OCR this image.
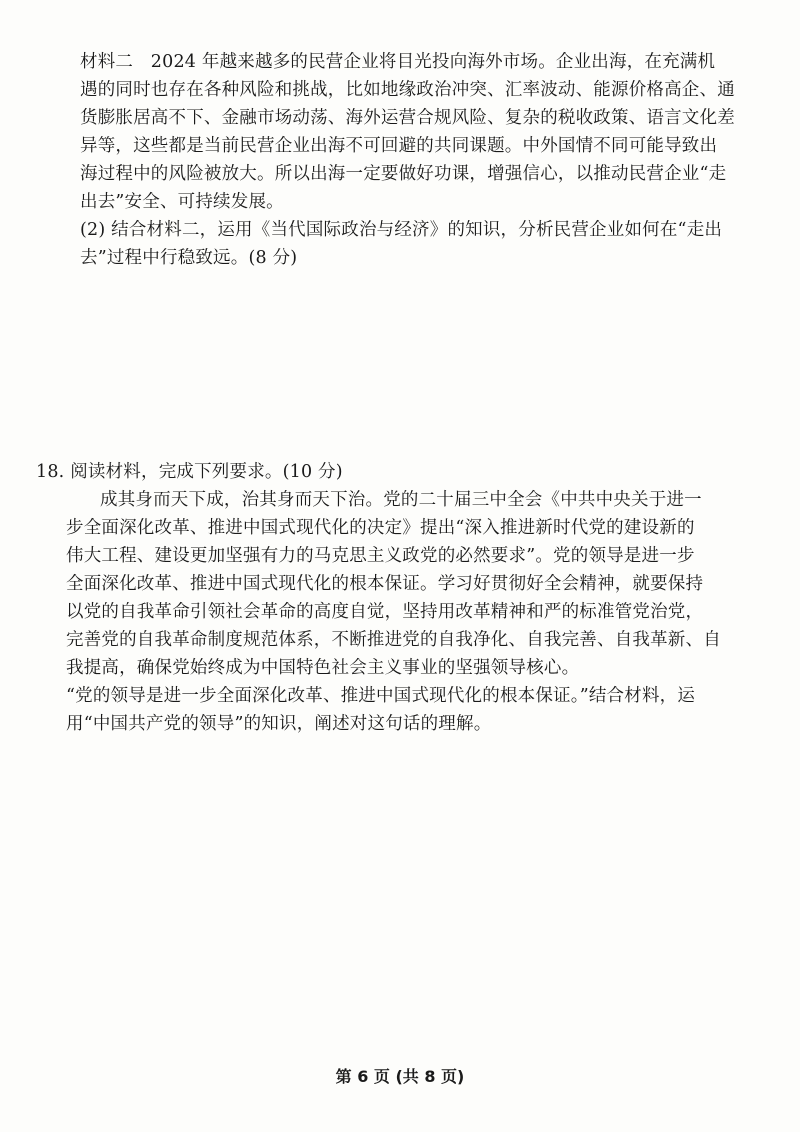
材料二　2024 年越来越多的民营企业将目光投向海外市场。企业出海，在充满机
遇的同时也存在各种风险和挑战，比如地缘政治冲突、汇率波动、能源价格高企、通
货膨胀居高不下、金融市场动荡、海外运营合规风险、复杂的税收政策、语言文化差
异等，这些都是当前民营企业出海不可回避的共同课题。中外国情不同可能导致出
海过程中的风险被放大。所以出海一定要做好功课，增强信心，以推动民营企业“走
出去”安全、可持续发展。
(2) 结合材料二，运用《当代国际政治与经济》的知识，分析民营企业如何在“走出
去”过程中行稳致远。(8 分)
18. 阅读材料，完成下列要求。(10 分)
成其身而天下成，治其身而天下治。党的二十届三中全会《中共中央关于进一
步全面深化改革、推进中国式现代化的决定》提出“深入推进新时代党的建设新的
伟大工程、建设更加坚强有力的马克思主义政党的必然要求”。党的领导是进一步
全面深化改革、推进中国式现代化的根本保证。学习好贯彻好全会精神，就要保持
以党的自我革命引领社会革命的高度自觉，坚持用改革精神和严的标准管党治党，
完善党的自我革命制度规范体系，不断推进党的自我净化、自我完善、自我革新、自
我提高，确保党始终成为中国特色社会主义事业的坚强领导核心。
“党的领导是进一步全面深化改革、推进中国式现代化的根本保证。”结合材料，运
用“中国共产党的领导”的知识，阐述对这句话的理解。
第 6 页 (共 8 页)
